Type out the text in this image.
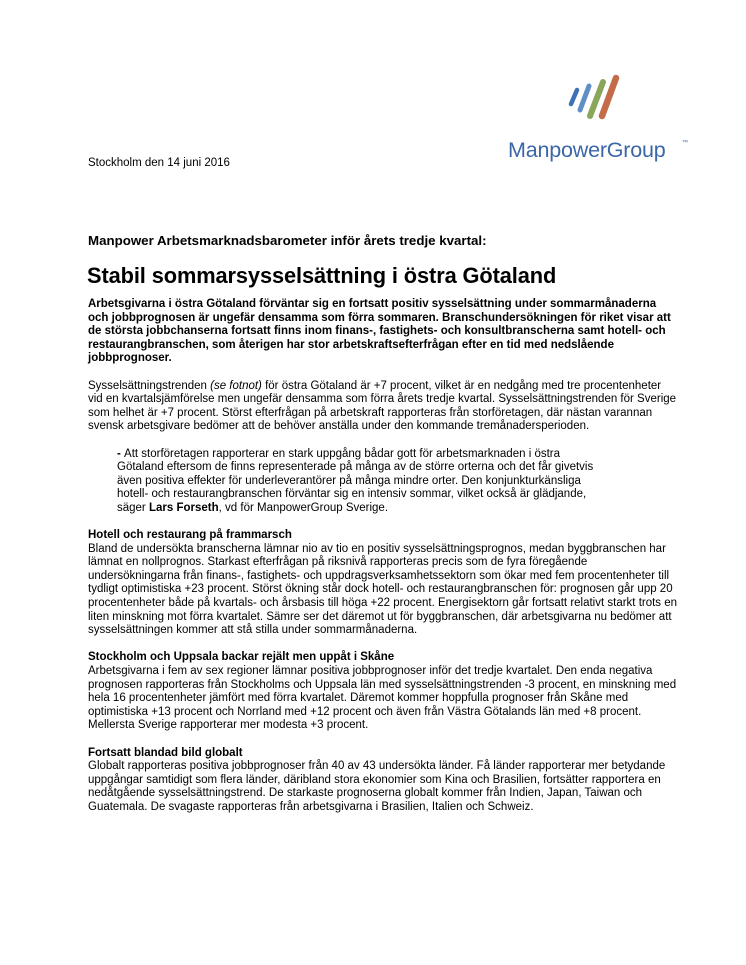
ManpowerGroup	™
Stockholm den 14 juni 2016
Manpower Arbetsmarknadsbarometer inför årets tredje kvartal:
Stabil sommarsysselsättning i östra Götaland

Arbetsgivarna i östra Götaland förväntar sig en fortsatt positiv sysselsättning under sommarmånaderna och jobbprognosen är ungefär densamma som förra sommaren. Branschundersökningen för riket visar att de största jobbchanserna fortsatt finns inom finans-, fastighets- och konsultbranscherna samt hotell- och restaurangbranschen, som återigen har stor arbetskraftsefterfrågan efter en tid med nedslående jobbprognoser.

Sysselsättningstrenden (se fotnot) för östra Götaland är +7 procent, vilket är en nedgång med tre procentenheter vid en kvartalsjämförelse men ungefär densamma som förra årets tredje kvartal. Sysselsättningstrenden för Sverige som helhet är +7 procent. Störst efterfrågan på arbetskraft rapporteras från storföretagen, där nästan varannan svensk arbetsgivare bedömer att de behöver anställa under den kommande tremånadersperioden.

- Att storföretagen rapporterar en stark uppgång bådar gott för arbetsmarknaden i östra Götaland eftersom de finns representerade på många av de större orterna och det får givetvis även positiva effekter för underleverantörer på många mindre orter. Den konjunkturkänsliga hotell- och restaurangbranschen förväntar sig en intensiv sommar, vilket också är glädjande, säger Lars Forseth, vd för ManpowerGroup Sverige.

Hotell och restaurang på frammarsch
Bland de undersökta branscherna lämnar nio av tio en positiv sysselsättningsprognos, medan byggbranschen har lämnat en nollprognos. Starkast efterfrågan på riksnivå rapporteras precis som de fyra föregående undersökningarna från finans-, fastighets- och uppdragsverksamhetssektorn som ökar med fem procentenheter till tydligt optimistiska +23 procent. Störst ökning står dock hotell- och restaurangbranschen för: prognosen går upp 20 procentenheter både på kvartals- och årsbasis till höga +22 procent. Energisektorn går fortsatt relativt starkt trots en liten minskning mot förra kvartalet. Sämre ser det däremot ut för byggbranschen, där arbetsgivarna nu bedömer att sysselsättningen kommer att stå stilla under sommarmånaderna.

Stockholm och Uppsala backar rejält men uppåt i Skåne
Arbetsgivarna i fem av sex regioner lämnar positiva jobbprognoser inför det tredje kvartalet. Den enda negativa prognosen rapporteras från Stockholms och Uppsala län med sysselsättningstrenden -3 procent, en minskning med hela 16 procentenheter jämfört med förra kvartalet. Däremot kommer hoppfulla prognoser från Skåne med optimistiska +13 procent och Norrland med +12 procent och även från Västra Götalands län med +8 procent. Mellersta Sverige rapporterar mer modesta +3 procent.

Fortsatt blandad bild globalt
Globalt rapporteras positiva jobbprognoser från 40 av 43 undersökta länder. Få länder rapporterar mer betydande uppgångar samtidigt som flera länder, däribland stora ekonomier som Kina och Brasilien, fortsätter rapportera en nedåtgående sysselsättningstrend. De starkaste prognoserna globalt kommer från Indien, Japan, Taiwan och Guatemala. De svagaste rapporteras från arbetsgivarna i Brasilien, Italien och Schweiz.
